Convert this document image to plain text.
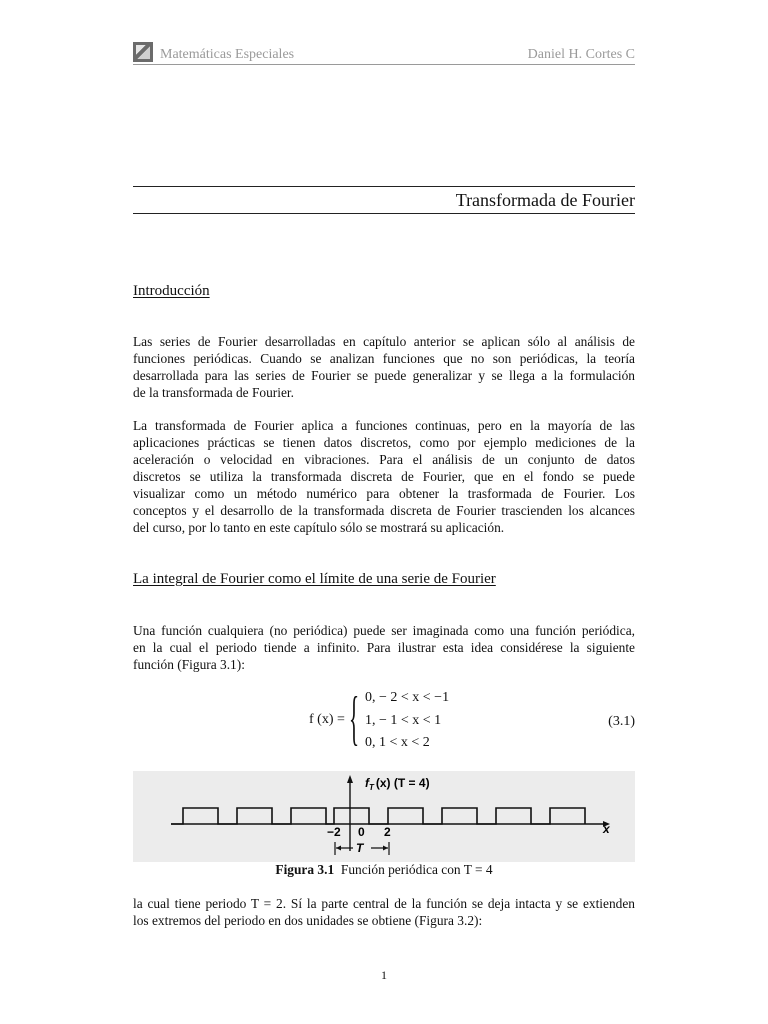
Matemáticas Especiales	Daniel H. Cortes C
Transformada de Fourier
Introducción
Las series de Fourier desarrolladas en capítulo anterior se aplican sólo al análisis de
funciones periódicas. Cuando se analizan funciones que no son periódicas, la teoría
desarrollada para las series de Fourier se puede generalizar y se llega a la formulación
de la transformada de Fourier.
La transformada de Fourier aplica a funciones continuas, pero en la mayoría de las
aplicaciones prácticas se tienen datos discretos, como por ejemplo mediciones de la
aceleración o velocidad en vibraciones. Para el análisis de un conjunto de datos
discretos se utiliza la transformada discreta de Fourier, que en el fondo se puede
visualizar como un método numérico para obtener la trasformada de Fourier. Los
conceptos y el desarrollo de la transformada discreta de Fourier trascienden los alcances
del curso, por lo tanto en este capítulo sólo se mostrará su aplicación.
La integral de Fourier como el límite de una serie de Fourier
Una función cualquiera (no periódica) puede ser imaginada como una función periódica,
en la cual el periodo tiende a infinito. Para ilustrar esta idea considérese la siguiente
función (Figura 3.1):
f (x) = { 0, − 2 < x < −1
1, − 1 < x < 1
0, 1 < x < 2
(3.1)
−2 0 2
$f_T$ (x) (T = 4)
x
T
Figura 3.1 Función periódica con T = 4
la cual tiene periodo T = 2. Sí la parte central de la función se deja intacta y se extienden
los extremos del periodo en dos unidades se obtiene (Figura 3.2):
1
